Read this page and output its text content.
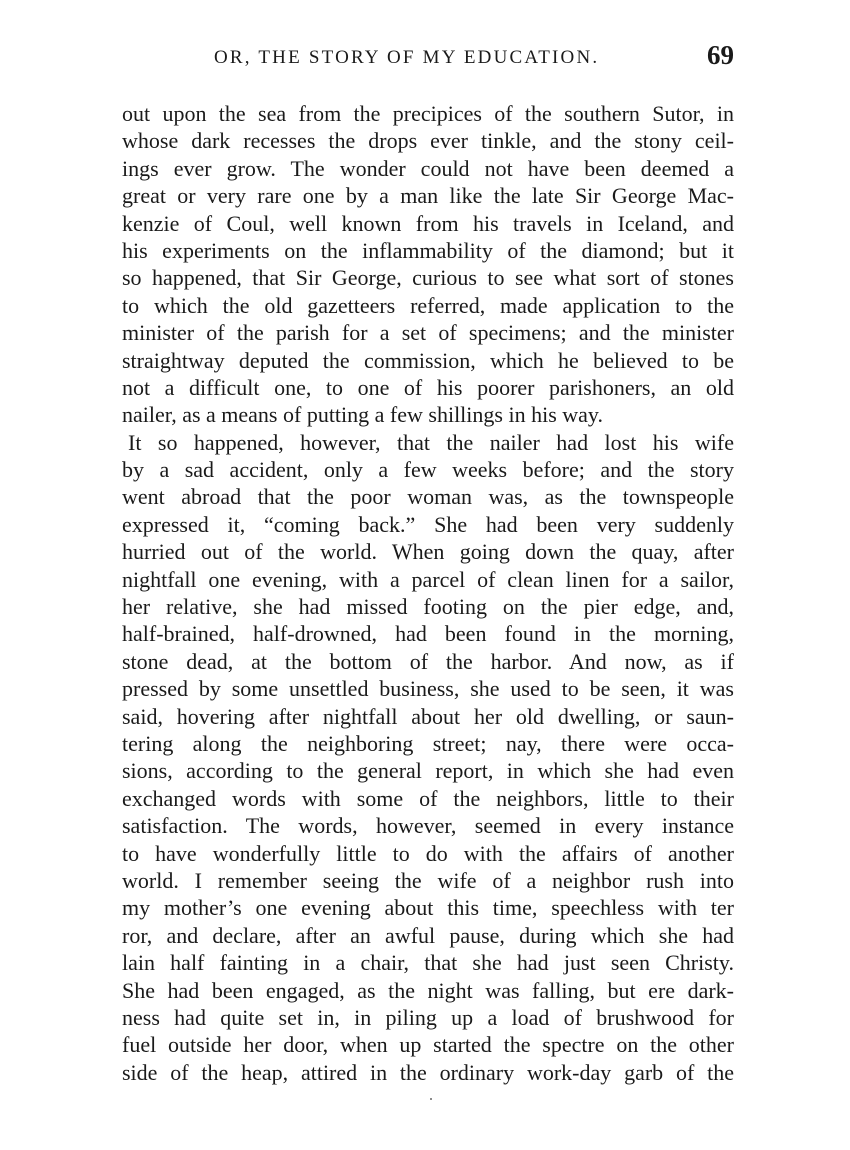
OR, THE STORY OF MY EDUCATION.	69
out upon the sea from the precipices of the southern Sutor, in
whose dark recesses the drops ever tinkle, and the stony ceil-
ings ever grow. The wonder could not have been deemed a
great or very rare one by a man like the late Sir George Mac-
kenzie of Coul, well known from his travels in Iceland, and
his experiments on the inflammability of the diamond; but it
so happened, that Sir George, curious to see what sort of stones
to which the old gazetteers referred, made application to the
minister of the parish for a set of specimens; and the minister
straightway deputed the commission, which he believed to be
not a difficult one, to one of his poorer parishoners, an old
nailer, as a means of putting a few shillings in his way.
It so happened, however, that the nailer had lost his wife
by a sad accident, only a few weeks before; and the story
went abroad that the poor woman was, as the townspeople
expressed it, “coming back.” She had been very suddenly
hurried out of the world. When going down the quay, after
nightfall one evening, with a parcel of clean linen for a sailor,
her relative, she had missed footing on the pier edge, and,
half-brained, half-drowned, had been found in the morning,
stone dead, at the bottom of the harbor. And now, as if
pressed by some unsettled business, she used to be seen, it was
said, hovering after nightfall about her old dwelling, or saun-
tering along the neighboring street; nay, there were occa-
sions, according to the general report, in which she had even
exchanged words with some of the neighbors, little to their
satisfaction. The words, however, seemed in every instance
to have wonderfully little to do with the affairs of another
world. I remember seeing the wife of a neighbor rush into
my mother’s one evening about this time, speechless with ter
ror, and declare, after an awful pause, during which she had
lain half fainting in a chair, that she had just seen Christy.
She had been engaged, as the night was falling, but ere dark-
ness had quite set in, in piling up a load of brushwood for
fuel outside her door, when up started the spectre on the other
side of the heap, attired in the ordinary work-day garb of the
